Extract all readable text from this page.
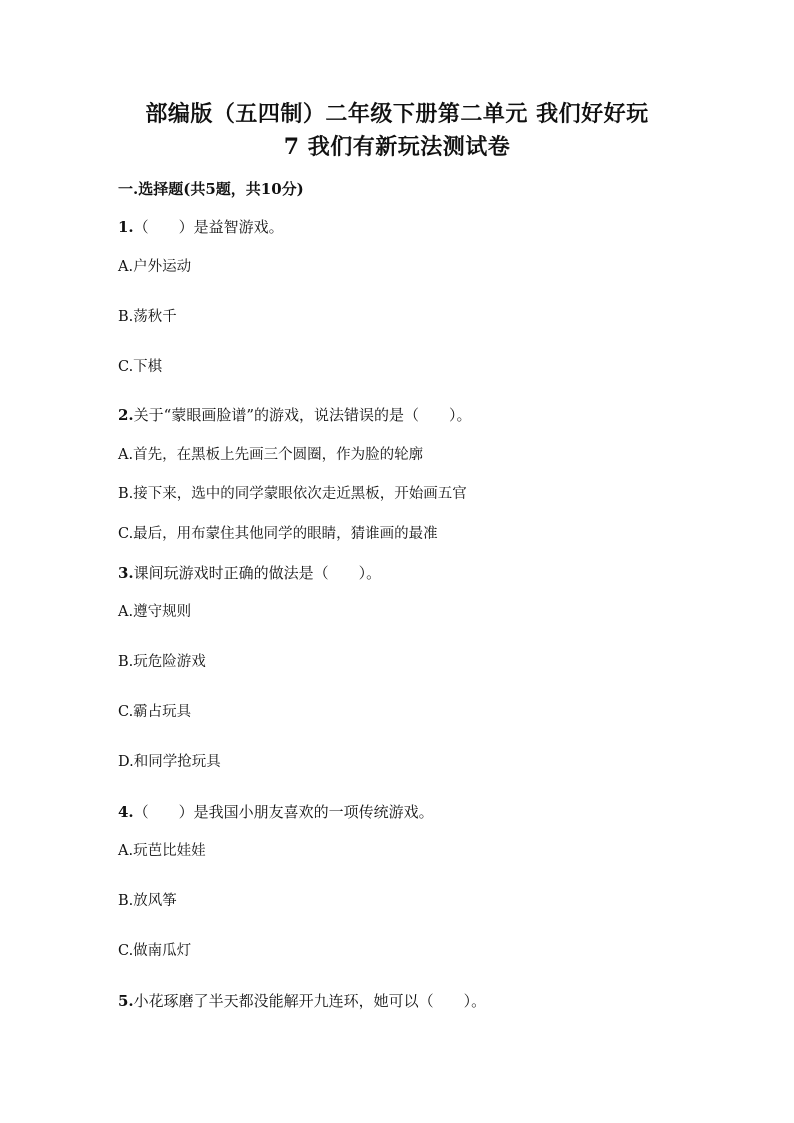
部编版（五四制）二年级下册第二单元 我们好好玩
7 我们有新玩法测试卷
一.选择题(共5题，共10分)
1.（　　）是益智游戏。
A.户外运动
B.荡秋千
C.下棋
2.关于“蒙眼画脸谱”的游戏，说法错误的是（　　）。
A.首先，在黑板上先画三个圆圈，作为脸的轮廓
B.接下来，选中的同学蒙眼依次走近黑板，开始画五官
C.最后，用布蒙住其他同学的眼睛，猜谁画的最准
3.课间玩游戏时正确的做法是（　　）。
A.遵守规则
B.玩危险游戏
C.霸占玩具
D.和同学抢玩具
4.（　　）是我国小朋友喜欢的一项传统游戏。
A.玩芭比娃娃
B.放风筝
C.做南瓜灯
5.小花琢磨了半天都没能解开九连环，她可以（　　）。
